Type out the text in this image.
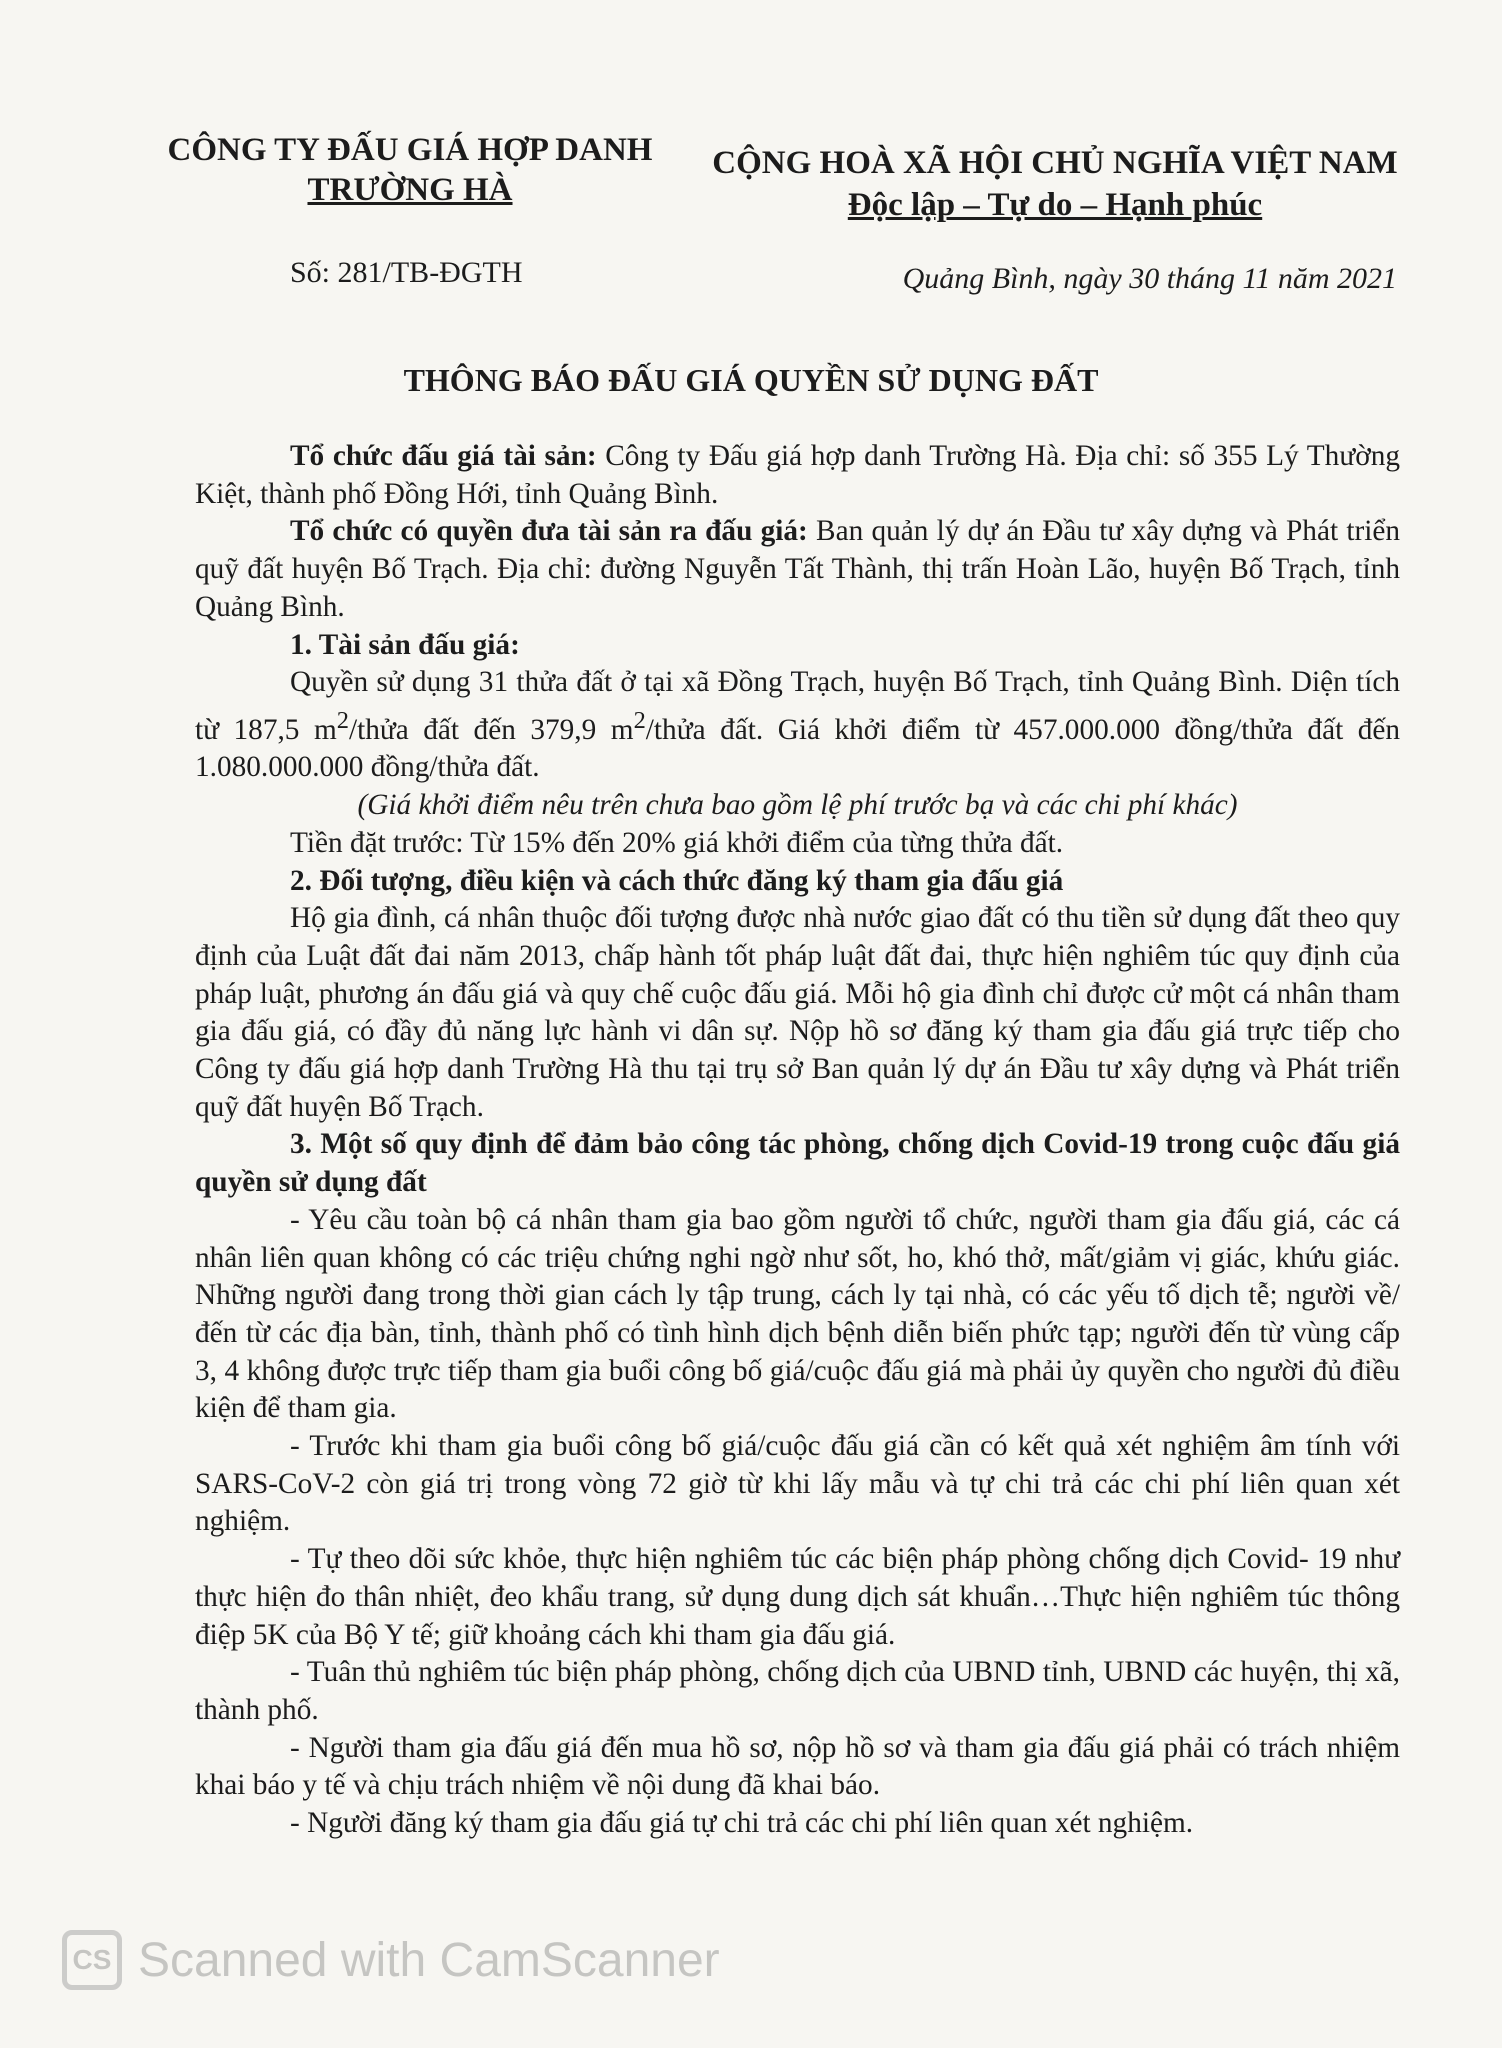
CÔNG TY ĐẤU GIÁ HỢP DANH
TRƯỜNG HÀ
CỘNG HOÀ XÃ HỘI CHỦ NGHĨA VIỆT NAM
Độc lập – Tự do – Hạnh phúc
Số: 281/TB-ĐGTH	Quảng Bình, ngày 30 tháng 11 năm 2021
THÔNG BÁO ĐẤU GIÁ QUYỀN SỬ DỤNG ĐẤT

Tổ chức đấu giá tài sản: Công ty Đấu giá hợp danh Trường Hà. Địa chỉ: số 355 Lý Thường Kiệt, thành phố Đồng Hới, tỉnh Quảng Bình.

Tổ chức có quyền đưa tài sản ra đấu giá: Ban quản lý dự án Đầu tư xây dựng và Phát triển quỹ đất huyện Bố Trạch. Địa chỉ: đường Nguyễn Tất Thành, thị trấn Hoàn Lão, huyện Bố Trạch, tỉnh Quảng Bình.

1. Tài sản đấu giá:

Quyền sử dụng 31 thửa đất ở tại xã Đồng Trạch, huyện Bố Trạch, tỉnh Quảng Bình. Diện tích từ 187,5 $m^2$/thửa đất đến 379,9 $m^2$/thửa đất. Giá khởi điểm từ 457.000.000 đồng/thửa đất đến 1.080.000.000 đồng/thửa đất.

(Giá khởi điểm nêu trên chưa bao gồm lệ phí trước bạ và các chi phí khác)

Tiền đặt trước: Từ 15% đến 20% giá khởi điểm của từng thửa đất.

2. Đối tượng, điều kiện và cách thức đăng ký tham gia đấu giá

Hộ gia đình, cá nhân thuộc đối tượng được nhà nước giao đất có thu tiền sử dụng đất theo quy định của Luật đất đai năm 2013, chấp hành tốt pháp luật đất đai, thực hiện nghiêm túc quy định của pháp luật, phương án đấu giá và quy chế cuộc đấu giá. Mỗi hộ gia đình chỉ được cử một cá nhân tham gia đấu giá, có đầy đủ năng lực hành vi dân sự. Nộp hồ sơ đăng ký tham gia đấu giá trực tiếp cho Công ty đấu giá hợp danh Trường Hà thu tại trụ sở Ban quản lý dự án Đầu tư xây dựng và Phát triển quỹ đất huyện Bố Trạch.

3. Một số quy định để đảm bảo công tác phòng, chống dịch Covid-19 trong cuộc đấu giá quyền sử dụng đất

- Yêu cầu toàn bộ cá nhân tham gia bao gồm người tổ chức, người tham gia đấu giá, các cá nhân liên quan không có các triệu chứng nghi ngờ như sốt, ho, khó thở, mất/giảm vị giác, khứu giác. Những người đang trong thời gian cách ly tập trung, cách ly tại nhà, có các yếu tố dịch tễ; người về/đến từ các địa bàn, tỉnh, thành phố có tình hình dịch bệnh diễn biến phức tạp; người đến từ vùng cấp 3, 4 không được trực tiếp tham gia buổi công bố giá/cuộc đấu giá mà phải ủy quyền cho người đủ điều kiện để tham gia.

- Trước khi tham gia buổi công bố giá/cuộc đấu giá cần có kết quả xét nghiệm âm tính với SARS-CoV-2 còn giá trị trong vòng 72 giờ từ khi lấy mẫu và tự chi trả các chi phí liên quan xét nghiệm.

- Tự theo dõi sức khỏe, thực hiện nghiêm túc các biện pháp phòng chống dịch Covid- 19 như thực hiện đo thân nhiệt, đeo khẩu trang, sử dụng dung dịch sát khuẩn…Thực hiện nghiêm túc thông điệp 5K của Bộ Y tế; giữ khoảng cách khi tham gia đấu giá.

- Tuân thủ nghiêm túc biện pháp phòng, chống dịch của UBND tỉnh, UBND các huyện, thị xã, thành phố.

- Người tham gia đấu giá đến mua hồ sơ, nộp hồ sơ và tham gia đấu giá phải có trách nhiệm khai báo y tế và chịu trách nhiệm về nội dung đã khai báo.

- Người đăng ký tham gia đấu giá tự chi trả các chi phí liên quan xét nghiệm.

CS Scanned with CamScanner
